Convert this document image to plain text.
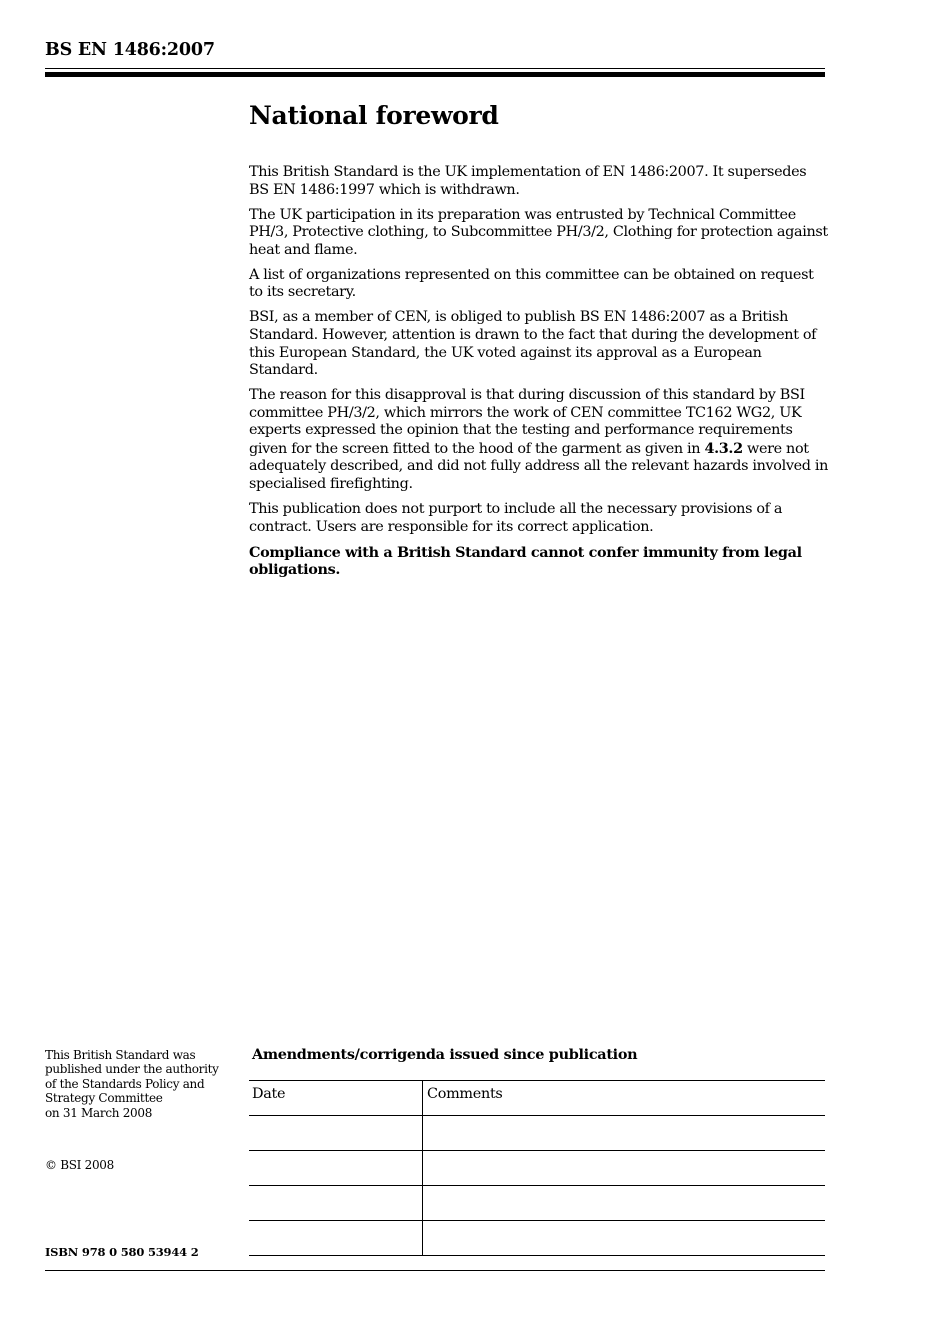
BS EN 1486:2007
National foreword

This British Standard is the UK implementation of EN 1486:2007. It supersedes BS EN 1486:1997 which is withdrawn.

The UK participation in its preparation was entrusted by Technical Committee PH/3, Protective clothing, to Subcommittee PH/3/2, Clothing for protection against heat and flame.

A list of organizations represented on this committee can be obtained on request to its secretary.

BSI, as a member of CEN, is obliged to publish BS EN 1486:2007 as a British Standard. However, attention is drawn to the fact that during the development of this European Standard, the UK voted against its approval as a European Standard.

The reason for this disapproval is that during discussion of this standard by BSI committee PH/3/2, which mirrors the work of CEN committee TC162 WG2, UK experts expressed the opinion that the testing and performance requirements given for the screen fitted to the hood of the garment as given in 4.3.2 were not adequately described, and did not fully address all the relevant hazards involved in specialised firefighting.

This publication does not purport to include all the necessary provisions of a contract. Users are responsible for its correct application.

Compliance with a British Standard cannot confer immunity from legal obligations.

This British Standard was
published under the authority
of the Standards Policy and
Strategy Committee
on 31 March 2008
© BSI 2008
ISBN 978 0 580 53944 2
Amendments/corrigenda issued since publication
Date	Comments
